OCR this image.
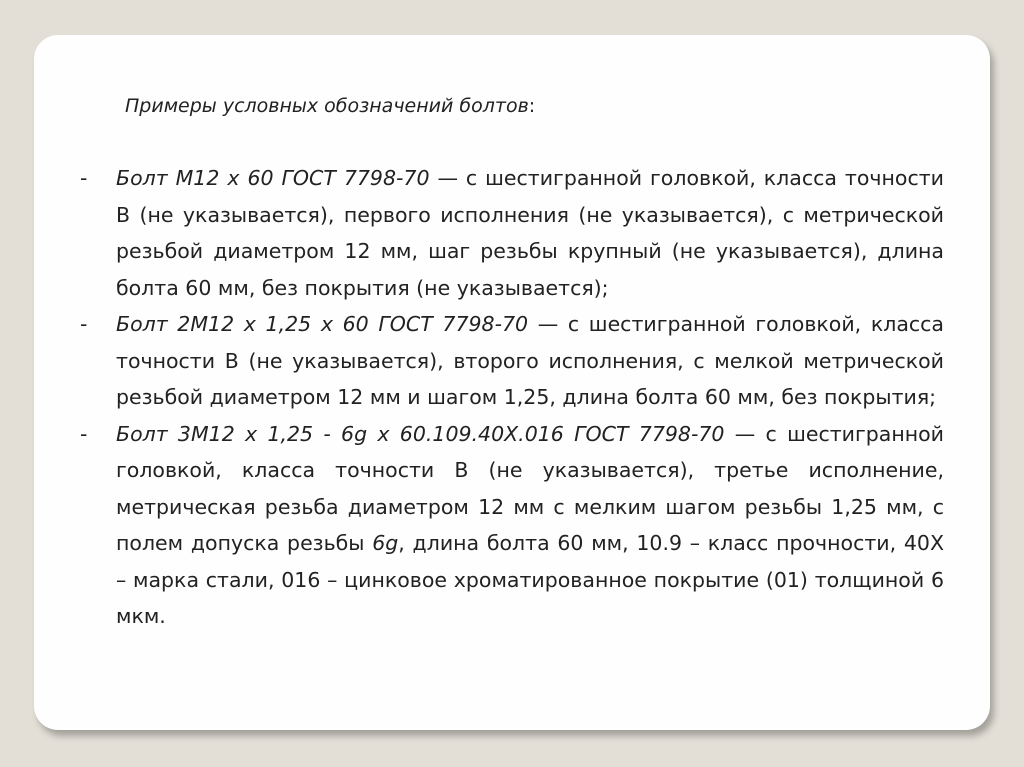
Примеры условных обозначений болтов:
- Болт М12 х 60 ГОСТ 7798-70 — с шестигранной головкой, класса точности В (не указывается), первого исполнения (не указывается), с метрической резьбой диаметром 12 мм, шаг резьбы крупный (не указывается), длина болта 60 мм, без покрытия (не указывается);
- Болт 2М12 х 1,25 х 60 ГОСТ 7798-70 — с шестигранной головкой, класса точности В (не указывается), второго исполнения, с мелкой метрической резьбой диаметром 12 мм и шагом 1,25, длина болта 60 мм, без покрытия;
- Болт 3М12 х 1,25 - 6g х 60.109.40Х.016 ГОСТ 7798-70 — с шестигранной головкой, класса точности В (не указывается), третье исполнение, метрическая резьба диаметром 12 мм с мелким шагом резьбы 1,25 мм, с полем допуска резьбы 6g, длина болта 60 мм, 10.9 – класс прочности, 40Х – марка стали, 016 – цинковое хроматированное покрытие (01) толщиной 6 мкм.
